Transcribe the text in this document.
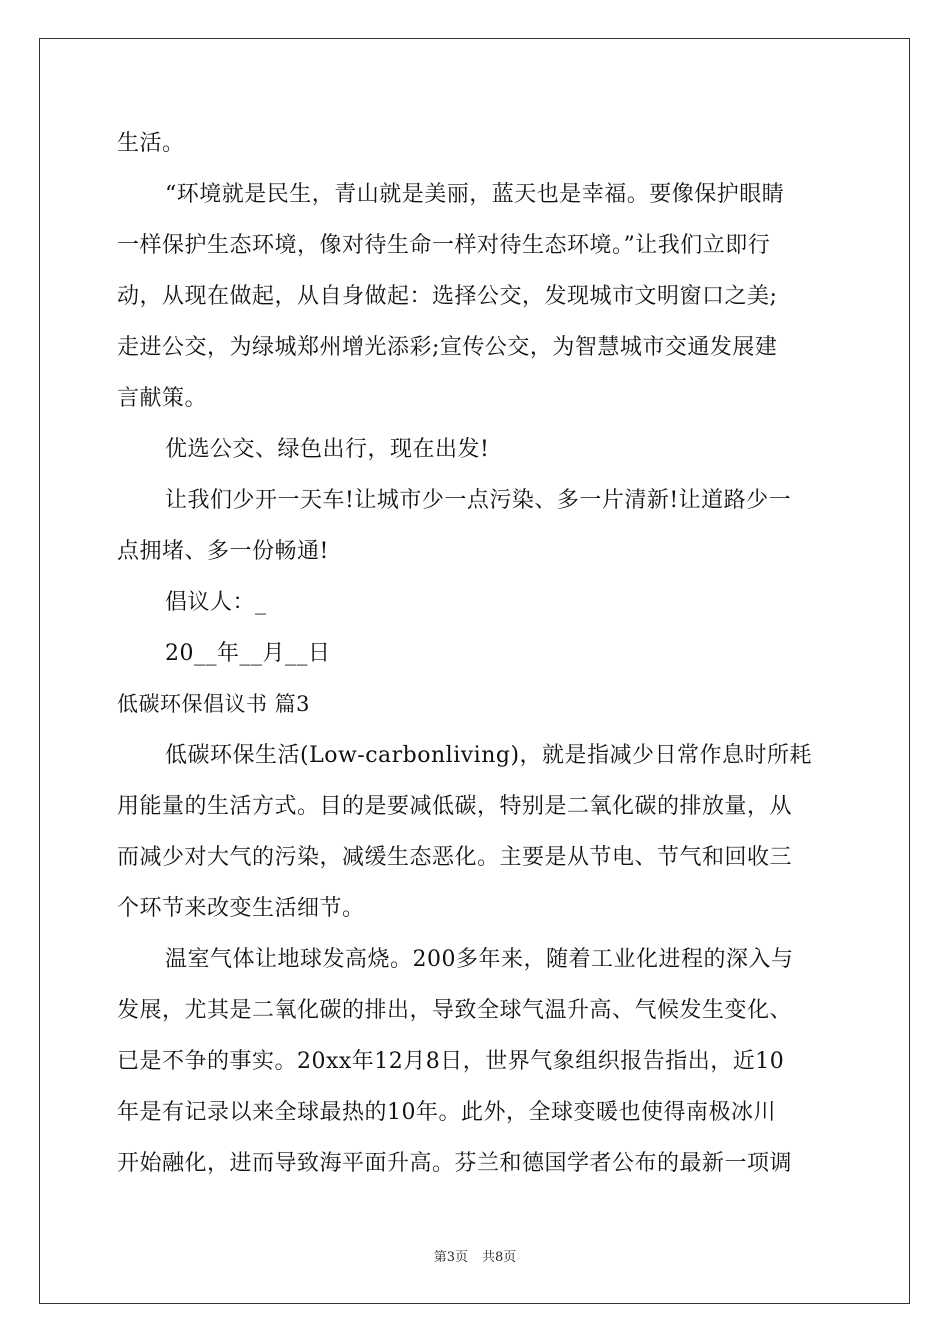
生活。
“环境就是民生，青山就是美丽，蓝天也是幸福。要像保护眼睛
一样保护生态环境，像对待生命一样对待生态环境。”让我们立即行
动，从现在做起，从自身做起：选择公交，发现城市文明窗口之美;
走进公交，为绿城郑州增光添彩;宣传公交，为智慧城市交通发展建
言献策。
优选公交、绿色出行，现在出发!
让我们少开一天车!让城市少一点污染、多一片清新!让道路少一
点拥堵、多一份畅通!
倡议人：_
20__年__月__日
低碳环保倡议书 篇3
低碳环保生活(Low-carbonliving)，就是指减少日常作息时所耗
用能量的生活方式。目的是要减低碳，特别是二氧化碳的排放量，从
而减少对大气的污染，减缓生态恶化。主要是从节电、节气和回收三
个环节来改变生活细节。
温室气体让地球发高烧。200多年来，随着工业化进程的深入与
发展，尤其是二氧化碳的排出，导致全球气温升高、气候发生变化、
已是不争的事实。20xx年12月8日，世界气象组织报告指出，近10
年是有记录以来全球最热的10年。此外，全球变暖也使得南极冰川
开始融化，进而导致海平面升高。芬兰和德国学者公布的最新一项调
第3页 共8页
